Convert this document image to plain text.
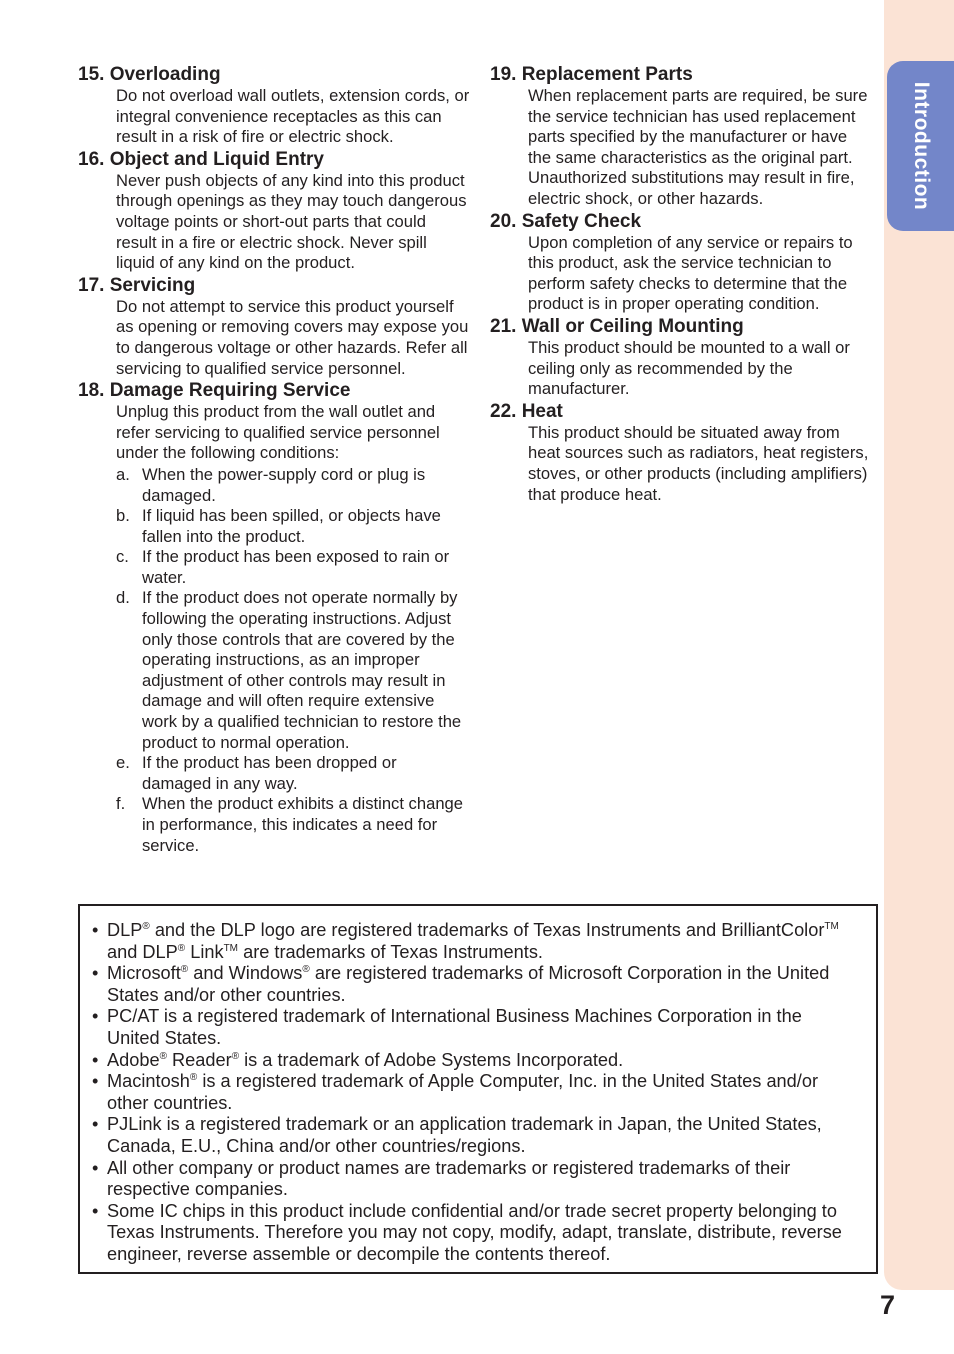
Introduction
15. Overloading

Do not overload wall outlets, extension cords, or integral convenience receptacles as this can result in a risk of fire or electric shock.

16. Object and Liquid Entry

Never push objects of any kind into this product through openings as they may touch dangerous voltage points or short-out parts that could result in a fire or electric shock. Never spill liquid of any kind on the product.

17. Servicing

Do not attempt to service this product yourself as opening or removing covers may expose you to dangerous voltage or other hazards. Refer all servicing to qualified service personnel.

18. Damage Requiring Service

Unplug this product from the wall outlet and refer servicing to qualified service personnel under the following conditions:

a. When the power-supply cord or plug is damaged.
b. If liquid has been spilled, or objects have fallen into the product.
c. If the product has been exposed to rain or water.
d. If the product does not operate normally by following the operating instructions. Adjust only those controls that are covered by the operating instructions, as an improper adjustment of other controls may result in damage and will often require extensive work by a qualified technician to restore the product to normal operation.
e. If the product has been dropped or damaged in any way.
f. When the product exhibits a distinct change in performance, this indicates a need for service.
19. Replacement Parts

When replacement parts are required, be sure the service technician has used replacement parts specified by the manufacturer or have the same characteristics as the original part. Unauthorized substitutions may result in fire, electric shock, or other hazards.

20. Safety Check

Upon completion of any service or repairs to this product, ask the service technician to perform safety checks to determine that the product is in proper operating condition.

21. Wall or Ceiling Mounting

This product should be mounted to a wall or ceiling only as recommended by the manufacturer.

22. Heat

This product should be situated away from heat sources such as radiators, heat registers, stoves, or other products (including amplifiers) that produce heat.

• DLP® and the DLP logo are registered trademarks of Texas Instruments and BrilliantColor™ and DLP® Link™ are trademarks of Texas Instruments.
• Microsoft® and Windows® are registered trademarks of Microsoft Corporation in the United States and/or other countries.
• PC/AT is a registered trademark of International Business Machines Corporation in the United States.
• Adobe® Reader® is a trademark of Adobe Systems Incorporated.
• Macintosh® is a registered trademark of Apple Computer, Inc. in the United States and/or other countries.
• PJLink is a registered trademark or an application trademark in Japan, the United States, Canada, E.U., China and/or other countries/regions.
• All other company or product names are trademarks or registered trademarks of their respective companies.
• Some IC chips in this product include confidential and/or trade secret property belonging to Texas Instruments. Therefore you may not copy, modify, adapt, translate, distribute, reverse engineer, reverse assemble or decompile the contents thereof.
7
